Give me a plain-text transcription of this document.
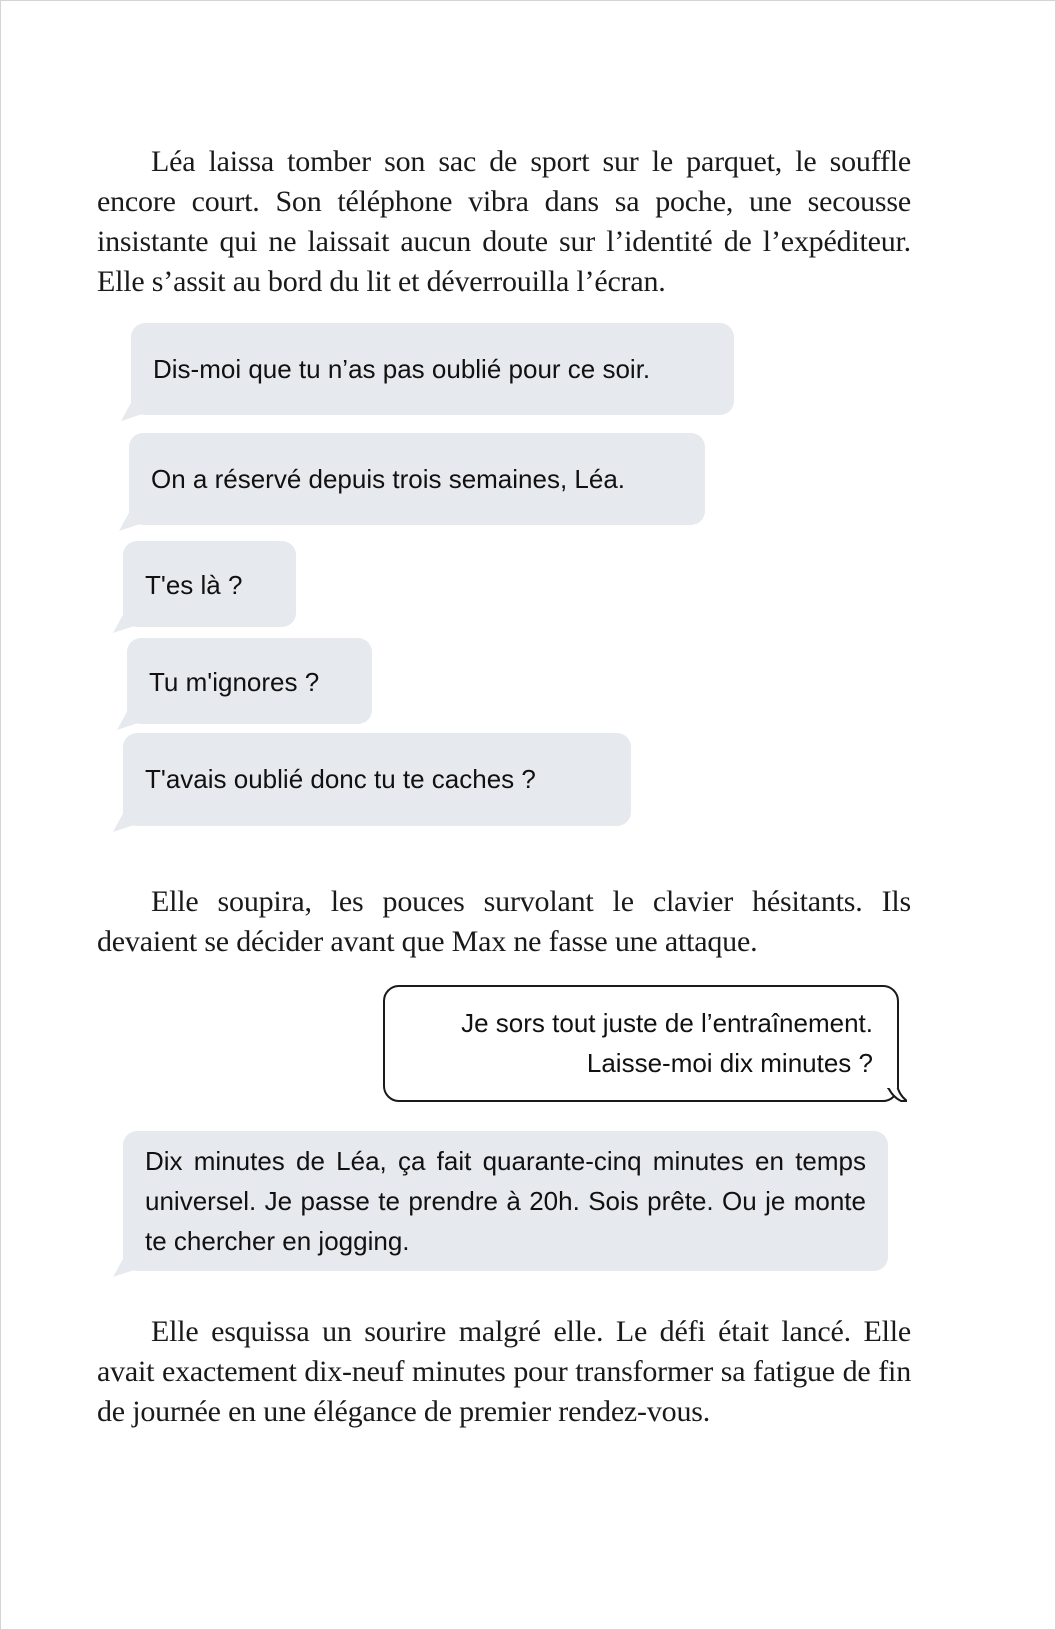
Léa laissa tomber son sac de sport sur le parquet, le souffle encore court. Son téléphone vibra dans sa poche, une secousse insistante qui ne laissait aucun doute sur l’identité de l’expéditeur. Elle s’assit au bord du lit et déverrouilla l’écran.

Dis-moi que tu n’as pas oublié pour ce soir.
On a réservé depuis trois semaines, Léa.
T'es là ?
Tu m'ignores ?
T'avais oublié donc tu te caches ?

Elle soupira, les pouces survolant le clavier hésitants. Ils devaient se décider avant que Max ne fasse une attaque.

Je sors tout juste de l’entraînement.
Laisse-moi dix minutes ?
Dix minutes de Léa, ça fait quarante-cinq minutes en temps universel. Je passe te prendre à 20h. Sois prête. Ou je monte te chercher en jogging.

Elle esquissa un sourire malgré elle. Le défi était lancé. Elle avait exactement dix-neuf minutes pour transformer sa fatigue de fin de journée en une élégance de premier rendez-vous.
